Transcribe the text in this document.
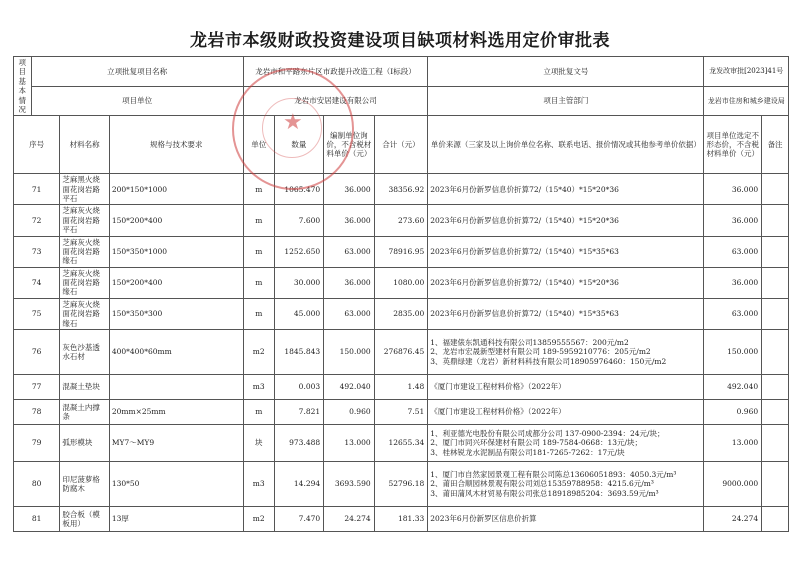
龙岩市本级财政投资建设项目缺项材料选用定价审批表
项目基本情况	立项批复项目名称			龙岩市和平路东片区市政提升改造工程（I标段）				立项批复文号	龙发改审批[2023]41号	
	项目单位			龙岩市安居建设有限公司				项目主管部门	龙岩市住房和城乡建设局	
序号		材料名称	规格与技术要求	单位	数量	编制单位询价，不含税材料单价（元）	合计（元）	单价来源（三家及以上询价单位名称、联系电话、报价情况或其他参考单价依据）	项目单位选定不形态价，不含税材料单价（元）	备注
71		芝麻黑火烧面花岗岩路平石	200*150*1000	m	1065.470	36.000	38356.92	2023年6月份新罗信息价折算72/（15*40）*15*20*36	36.000	
72		芝麻灰火烧面花岗岩路平石	150*200*400	m	7.600	36.000	273.60	2023年6月份新罗信息价折算72/（15*40）*15*20*36	36.000	
73		芝麻灰火烧面花岗岩路缘石	150*350*1000	m	1252.650	63.000	78916.95	2023年6月份新罗信息价折算72/（15*40）*15*35*63	63.000	
74		芝麻灰火烧面花岗岩路缘石	150*200*400	m	30.000	36.000	1080.00	2023年6月份新罗信息价折算72/（15*40）*15*20*36	36.000	
75		芝麻灰火烧面花岗岩路缘石	150*350*300	m	45.000	63.000	2835.00	2023年6月份新罗信息价折算72/（15*40）*15*35*63	63.000	
76		灰色沙基透水石材	400*400*60mm	m2	1845.843	150.000	276876.45	1、福建俵东凯通科技有限公司13859555567：200元/m2
2、龙岩市宏晟新型建材有限公司 189-5959210776：205元/m2
3、英鼎绿建（龙岩）新材料科技有限公司18905976460：150元/m2	150.000	
77		混凝土垫块		m3	0.003	492.040	1.48	《厦门市建设工程材料价格》（2022年）	492.040	
78		混凝土内撑条	20mm×25mm	m	7.821	0.960	7.51	《厦门市建设工程材料价格》（2022年）	0.960	
79		弧形模块	MY7～MY9	块	973.488	13.000	12655.34	1、利亚德光电股份有限公司成都分公司 137-0900-2394：24元/块；
2、厦门市同兴环保建材有限公司 189-7584-0668：13元/块；
3、桂林锐龙水泥制品有限公司181-7265-7262：17元/块	13.000	
80		印尼菠萝格防腐木	130*50	m3	14.294	3693.590	52796.18	1、厦门市自然家园景观工程有限公司陈总13606051893：4050.3元/m³
2、莆田合顺园林景观有限公司刘总15359788958：4215.6元/m³
3、莆田蒲风木材贸易有限公司张总18918985204：3693.59元/m³	9000.000	
81		胶合板（模板用）	13厚	m2	7.470	24.274	181.33	2023年6月份新罗区信息价折算	24.274	
★
